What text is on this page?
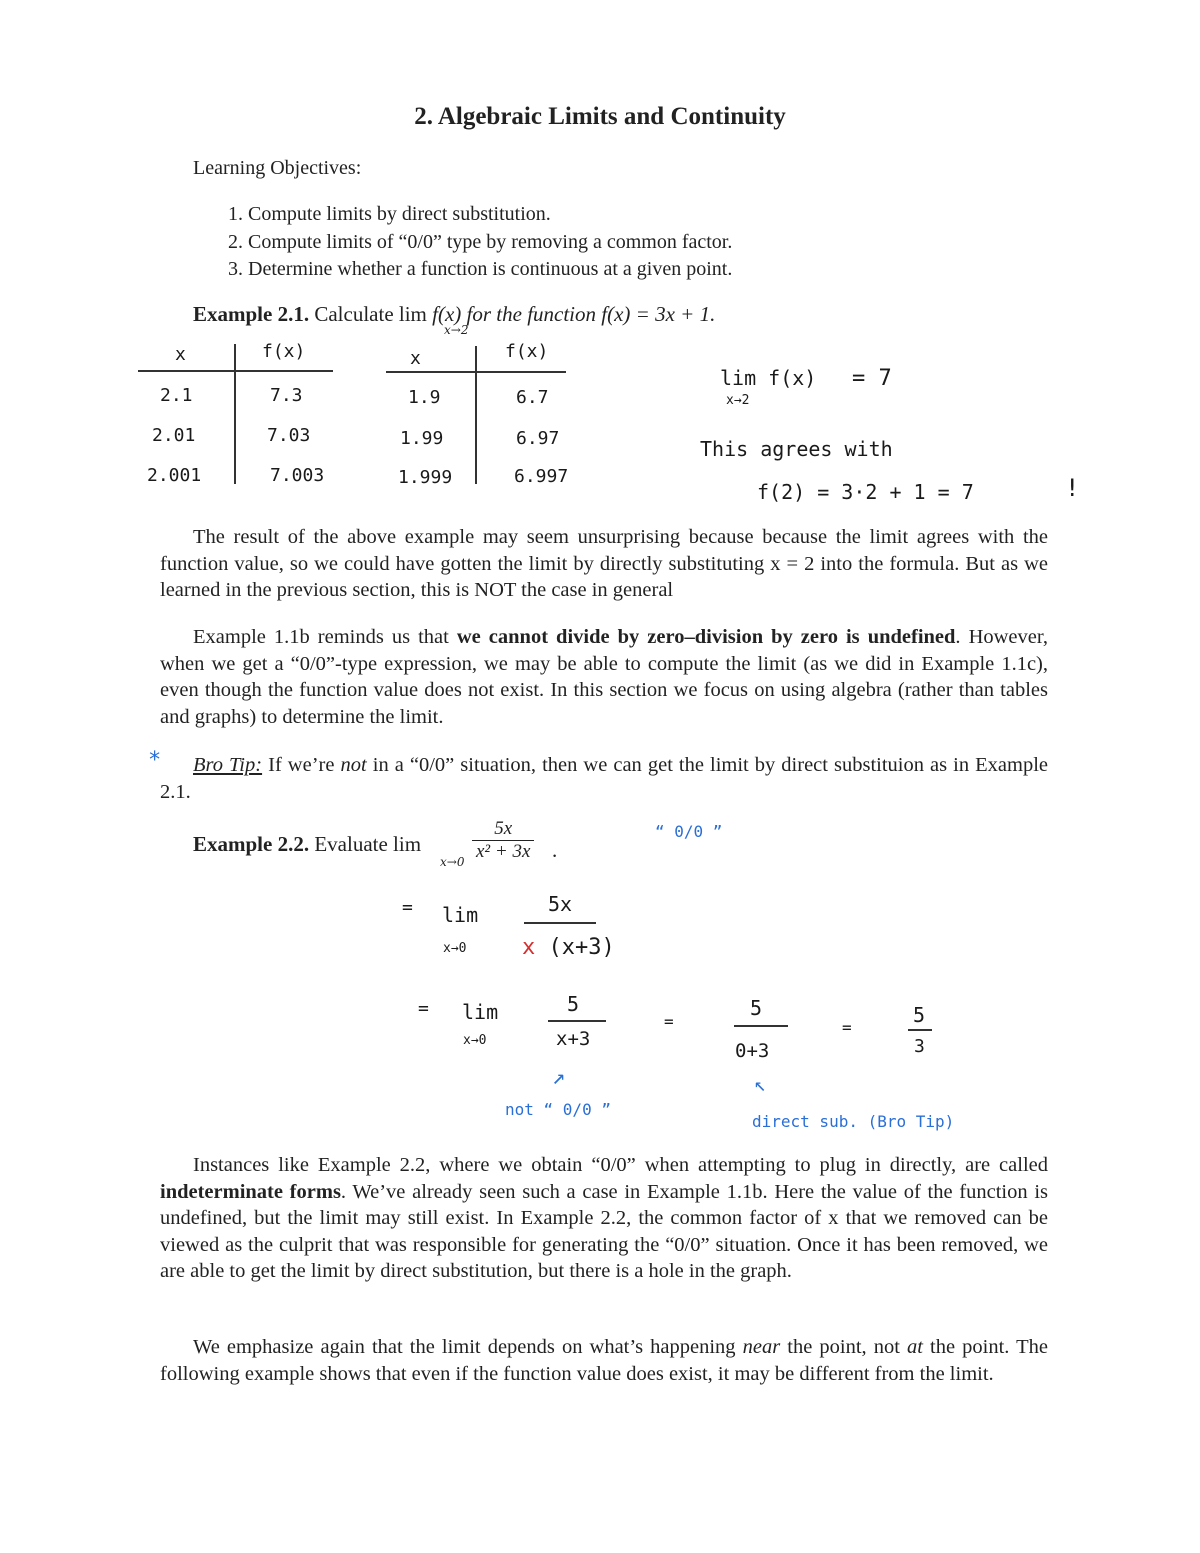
2. Algebraic Limits and Continuity
Learning Objectives:
1. Compute limits by direct substitution.
2. Compute limits of “0/0” type by removing a common factor.
3. Determine whether a function is continuous at a given point.
Example 2.1. Calculate lim f(x) for the function f(x) = 3x + 1.
x→2
x	f(x)
2.1	7.3
2.01	7.03
2.001	7.003
x	f(x)
1.9	6.7
1.99	6.97
1.999	6.997
lim f(x)
x→2
= 7
This agrees with
f(2) = 3·2 + 1 = 7	!
The result of the above example may seem unsurprising because because the limit agrees with the function value, so we could have gotten the limit by directly substituting x = 2 into the formula. But as we learned in the previous section, this is NOT the case in general
Example 1.1b reminds us that we cannot divide by zero–division by zero is undefined. However, when we get a “0/0”-type expression, we may be able to compute the limit (as we did in Example 1.1c), even though the function value does not exist. In this section we focus on using algebra (rather than tables and graphs) to determine the limit.
*	Bro Tip: If we’re not in a “0/0” situation, then we can get the limit by direct substituion as in Example 2.1.
Example 2.2. Evaluate lim
$x\to 0 \frac{5x}{\text{x² + 3x}}$ .
“ 0/0 ”
= lim
x→0
5x
x (x+3)
= lim
x→0
5
x+3
=
5
0+3
=
5
3
↗	↖
not “ 0/0 ”
direct sub. (Bro Tip)
Instances like Example 2.2, where we obtain “0/0” when attempting to plug in directly, are called indeterminate forms. We’ve already seen such a case in Example 1.1b. Here the value of the function is undefined, but the limit may still exist. In Example 2.2, the common factor of x that we removed can be viewed as the culprit that was responsible for generating the “0/0” situation. Once it has been removed, we are able to get the limit by direct substitution, but there is a hole in the graph.
We emphasize again that the limit depends on what’s happening near the point, not at the point. The following example shows that even if the function value does exist, it may be different from the limit.
